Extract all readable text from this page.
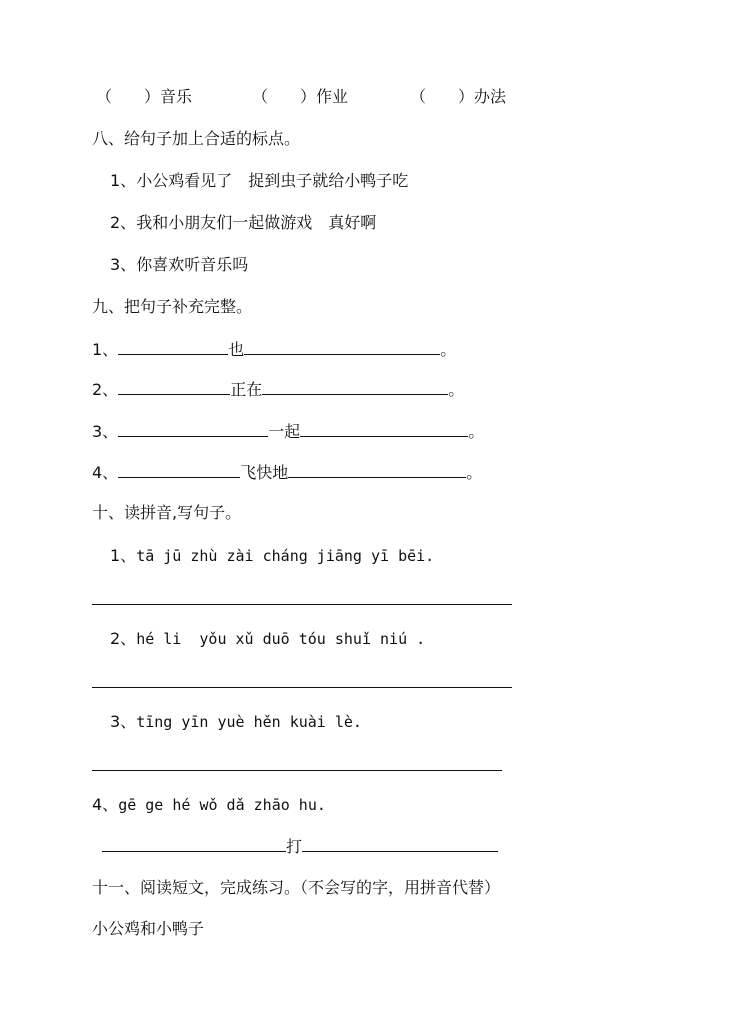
（　　）音乐	（　　）作业	（　　）办法
八、给句子加上合适的标点。
1、小公鸡看见了 捉到虫子就给小鸭子吃
2、我和小朋友们一起做游戏 真好啊
3、你喜欢听音乐吗
九、把句子补充完整。
1、	也	。
2、	正在	。
3、	一起	。
4、	飞快地	。
十、读拼音,写句子。
1、tā jū zhù zài cháng jiāng yī bēi.
2、hé li  yǒu xǔ duō tóu shuǐ niú .
3、tīng yīn yuè hěn kuài lè.
4、gē ge hé wǒ dǎ zhāo hu.
打
十一、阅读短文，完成练习。（不会写的字，用拼音代替）
小公鸡和小鸭子
